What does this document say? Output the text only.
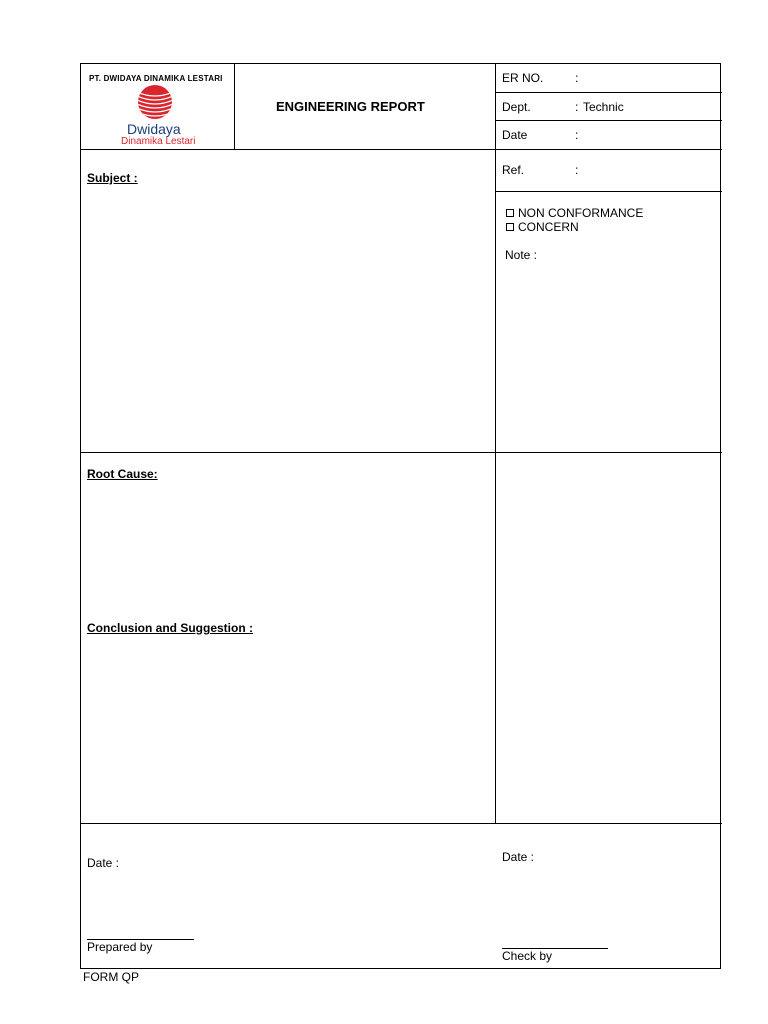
PT. DWIDAYA DINAMIKA LESTARI
Dwidaya
Dinamika Lestari
ENGINEERING REPORT
ER NO.	:
Dept.	: Technic
Date	:
Ref.	:
Subject :
NON CONFORMANCE
CONCERN
Note :
Root Cause:
Conclusion and Suggestion :
Date :
Prepared by
Date :
Check by
FORM QP
